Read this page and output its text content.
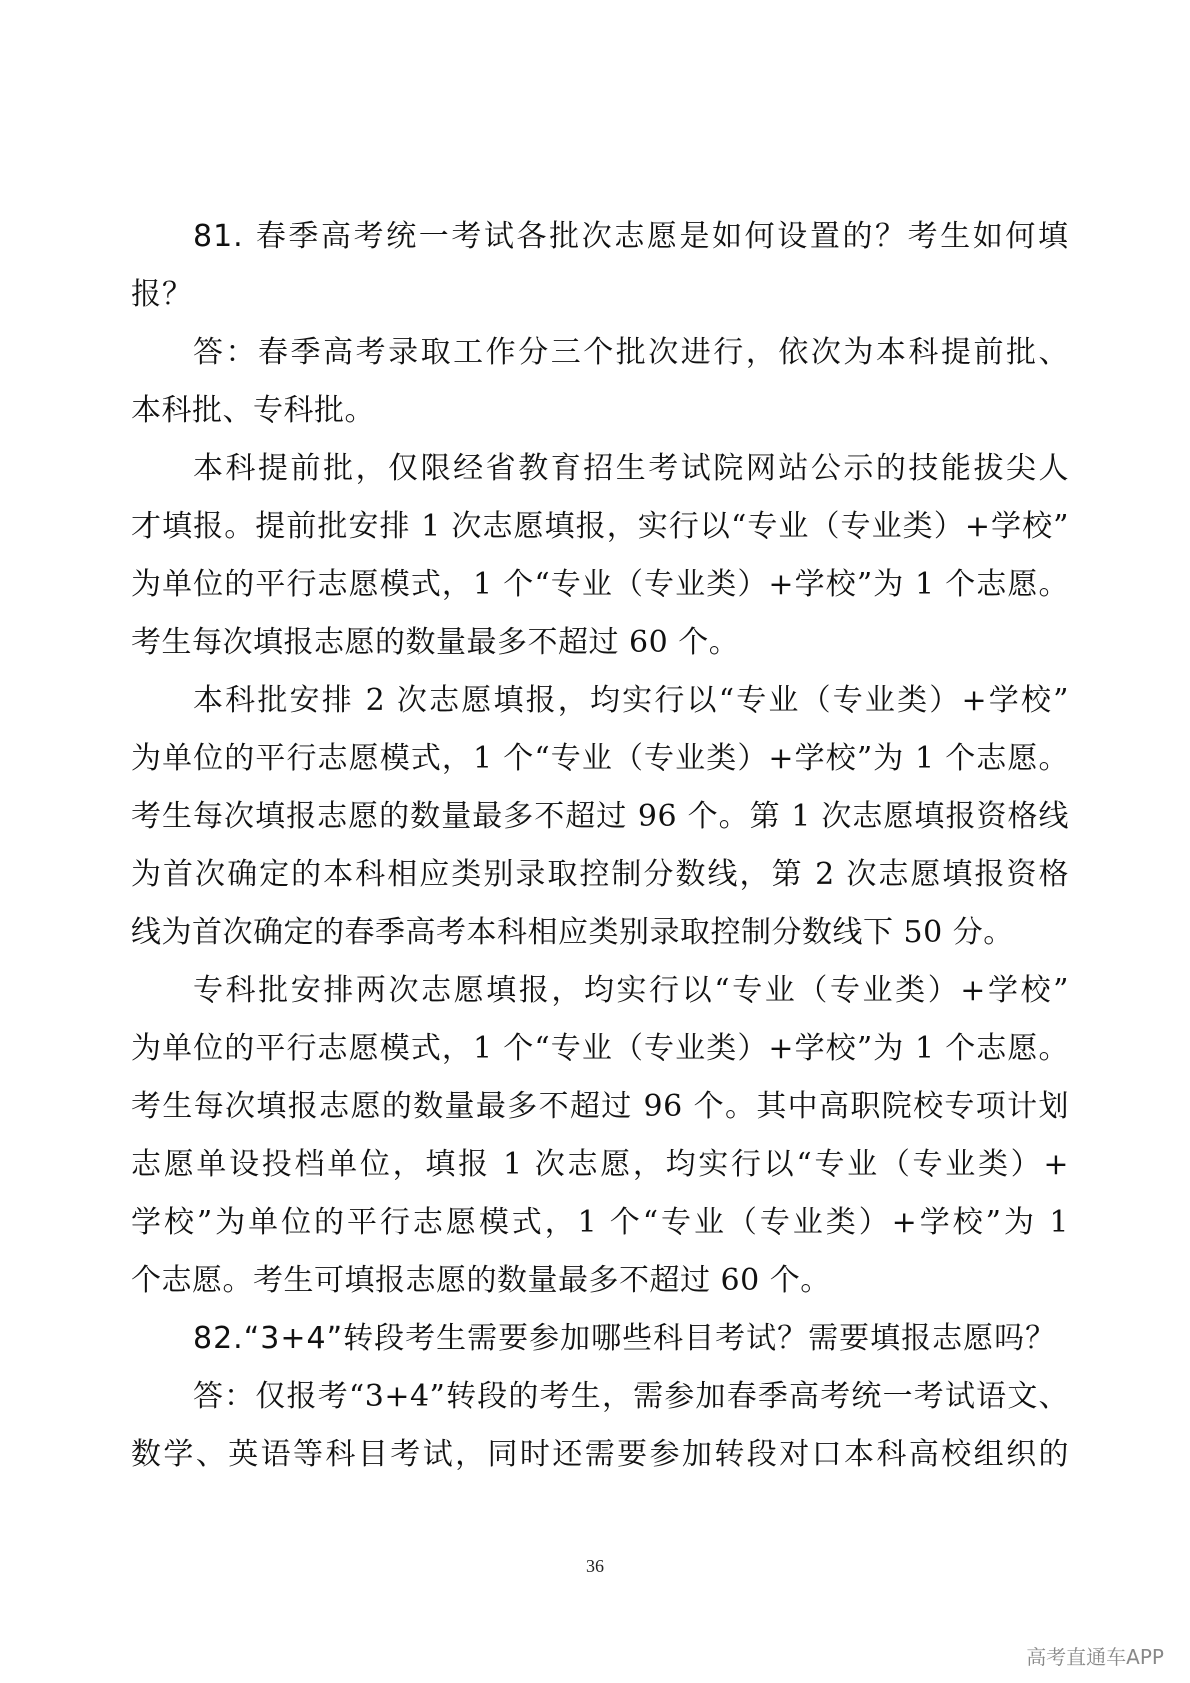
81. 春季高考统一考试各批次志愿是如何设置的？考生如何填
报？
答：春季高考录取工作分三个批次进行，依次为本科提前批、
本科批、专科批。
本科提前批，仅限经省教育招生考试院网站公示的技能拔尖人
才填报。提前批安排 1 次志愿填报，实行以“专业（专业类）+学校”
为单位的平行志愿模式，1 个“专业（专业类）+学校”为 1 个志愿。
考生每次填报志愿的数量最多不超过 60 个。
本科批安排 2 次志愿填报，均实行以“专业（专业类）+学校”
为单位的平行志愿模式，1 个“专业（专业类）+学校”为 1 个志愿。
考生每次填报志愿的数量最多不超过 96 个。第 1 次志愿填报资格线
为首次确定的本科相应类别录取控制分数线，第 2 次志愿填报资格
线为首次确定的春季高考本科相应类别录取控制分数线下 50 分。
专科批安排两次志愿填报，均实行以“专业（专业类）+学校”
为单位的平行志愿模式，1 个“专业（专业类）+学校”为 1 个志愿。
考生每次填报志愿的数量最多不超过 96 个。其中高职院校专项计划
志愿单设投档单位，填报 1 次志愿，均实行以“专业（专业类）+
学校”为单位的平行志愿模式，1 个“专业（专业类）+学校”为 1
个志愿。考生可填报志愿的数量最多不超过 60 个。
82.“3+4”转段考生需要参加哪些科目考试？需要填报志愿吗？
答：仅报考“3+4”转段的考生，需参加春季高考统一考试语文、
数学、英语等科目考试，同时还需要参加转段对口本科高校组织的
36
高考直通车APP
